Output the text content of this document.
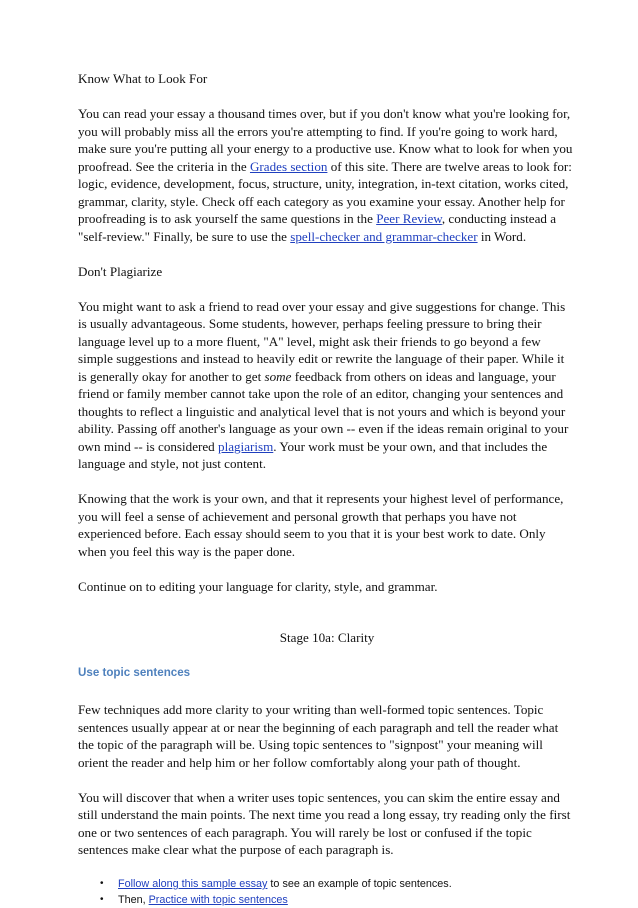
Know What to Look For

You can read your essay a thousand times over, but if you don't know what you're looking for, you will probably miss all the errors you're attempting to find. If you're going to work hard, make sure you're putting all your energy to a productive use. Know what to look for when you proofread. See the criteria in the Grades section of this site. There are twelve areas to look for: logic, evidence, development, focus, structure, unity, integration, in-text citation, works cited, grammar, clarity, style. Check off each category as you examine your essay. Another help for proofreading is to ask yourself the same questions in the Peer Review, conducting instead a "self-review." Finally, be sure to use the spell-checker and grammar-checker in Word.

Don't Plagiarize

You might want to ask a friend to read over your essay and give suggestions for change. This is usually advantageous. Some students, however, perhaps feeling pressure to bring their language level up to a more fluent, "A" level, might ask their friends to go beyond a few simple suggestions and instead to heavily edit or rewrite the language of their paper. While it is generally okay for another to get some feedback from others on ideas and language, your friend or family member cannot take upon the role of an editor, changing your sentences and thoughts to reflect a linguistic and analytical level that is not yours and which is beyond your ability. Passing off another's language as your own -- even if the ideas remain original to your own mind -- is considered plagiarism. Your work must be your own, and that includes the language and style, not just content.

Knowing that the work is your own, and that it represents your highest level of performance, you will feel a sense of achievement and personal growth that perhaps you have not experienced before. Each essay should seem to you that it is your best work to date. Only when you feel this way is the paper done.

Continue on to editing your language for clarity, style, and grammar.

Stage 10a: Clarity

Use topic sentences

Few techniques add more clarity to your writing than well-formed topic sentences. Topic sentences usually appear at or near the beginning of each paragraph and tell the reader what the topic of the paragraph will be. Using topic sentences to "signpost" your meaning will orient the reader and help him or her follow comfortably along your path of thought.

You will discover that when a writer uses topic sentences, you can skim the entire essay and still understand the main points. The next time you read a long essay, try reading only the first one or two sentences of each paragraph. You will rarely be lost or confused if the topic sentences make clear what the purpose of each paragraph is.

• Follow along this sample essay to see an example of topic sentences.
• Then, Practice with topic sentences
